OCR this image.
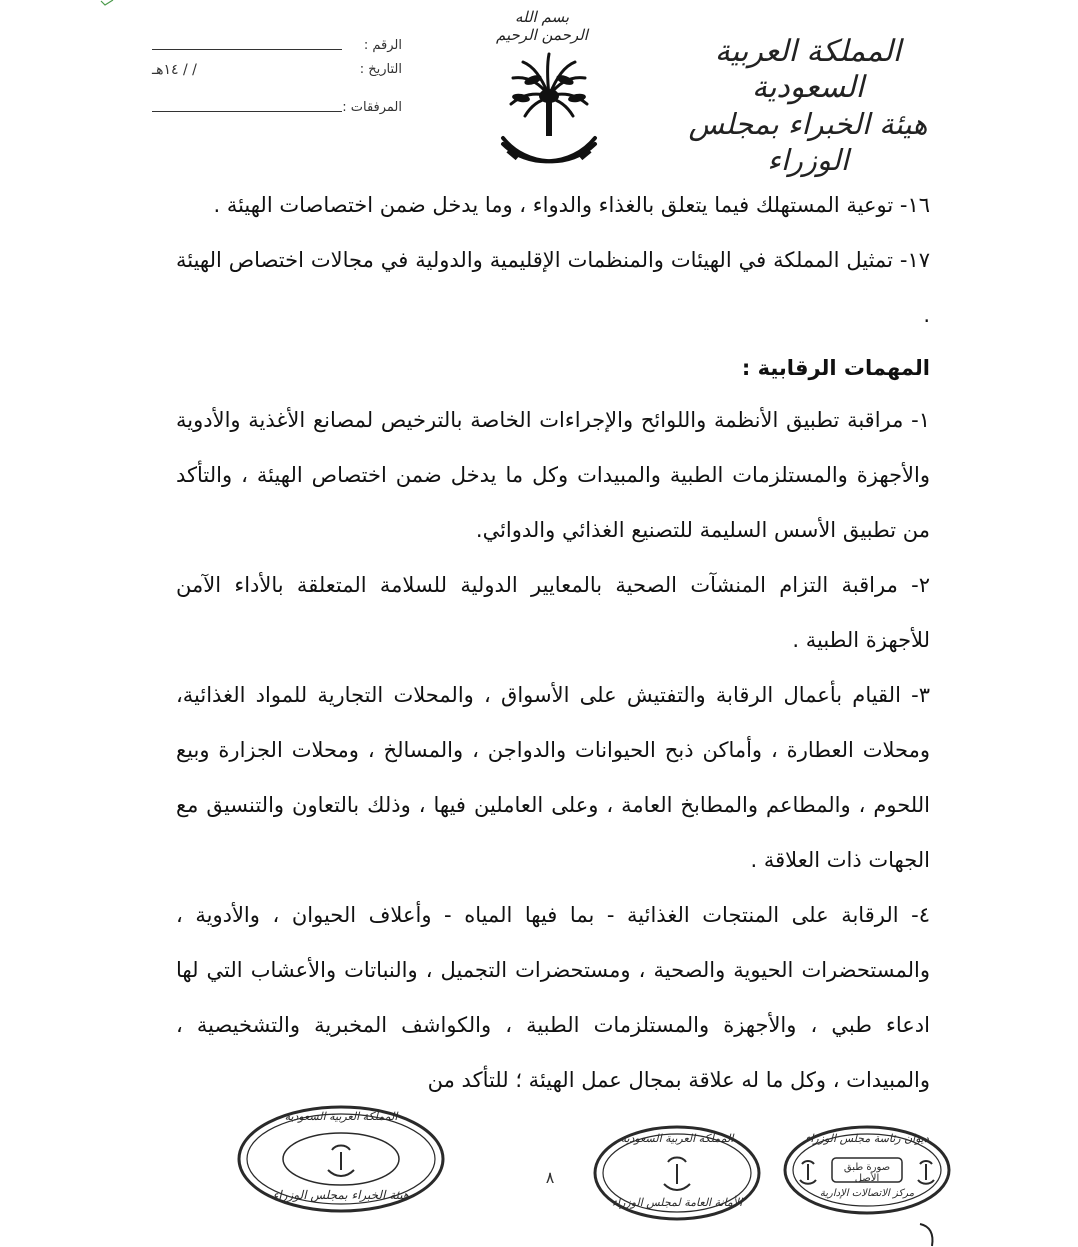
المملكة العربية السعودية
هيئة الخبراء بمجلس الوزراء
بسم الله الرحمن الرحيم
الرقم :
التاريخ :
١٤هـ / /
المرفقات :
١٦- توعية المستهلك فيما يتعلق بالغذاء والدواء ، وما يدخل ضمن اختصاصات الهيئة .
١٧- تمثيل المملكة في الهيئات والمنظمات الإقليمية والدولية في مجالات اختصاص الهيئة .
المهمات الرقابية :
١- مراقبة تطبيق الأنظمة واللوائح والإجراءات الخاصة بالترخيص لمصانع الأغذية والأدوية والأجهزة والمستلزمات الطبية والمبيدات وكل ما يدخل ضمن اختصاص الهيئة ، والتأكد من تطبيق الأسس السليمة للتصنيع الغذائي والدوائي.
٢- مراقبة التزام المنشآت الصحية بالمعايير الدولية للسلامة المتعلقة بالأداء الآمن للأجهزة الطبية .
٣- القيام بأعمال الرقابة والتفتيش على الأسواق ، والمحلات التجارية للمواد الغذائية، ومحلات العطارة ، وأماكن ذبح الحيوانات والدواجن ، والمسالخ ، ومحلات الجزارة وبيع اللحوم ، والمطاعم والمطابخ العامة ، وعلى العاملين فيها ، وذلك بالتعاون والتنسيق مع الجهات ذات العلاقة .
٤- الرقابة على المنتجات الغذائية - بما فيها المياه - وأعلاف الحيوان ، والأدوية ، والمستحضرات الحيوية والصحية ، ومستحضرات التجميل ، والنباتات والأعشاب التي لها ادعاء طبي ، والأجهزة والمستلزمات الطبية ، والكواشف المخبرية والتشخيصية ، والمبيدات ، وكل ما له علاقة بمجال عمل الهيئة ؛ للتأكد من
المملكة العربية السعودية
هيئة الخبراء بمجلس الوزراء
المملكة العربية السعودية
الأمانة العامة لمجلس الوزراء
ديوان رئاسة مجلس الوزراء
صورة طبق الأصل
مركز الاتصالات الإدارية
٨
